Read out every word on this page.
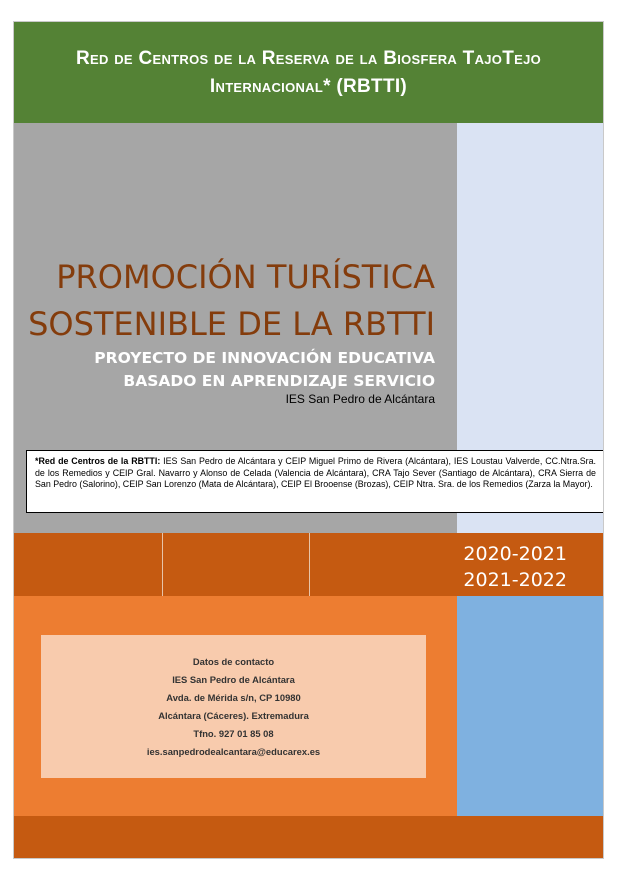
Red de Centros de la Reserva de la Biosfera TajoTejo
Internacional* (RBTTI)
PROMOCIÓN TURÍSTICA
SOSTENIBLE DE LA RBTTI
PROYECTO DE INNOVACIÓN EDUCATIVA
BASADO EN APRENDIZAJE SERVICIO
IES San Pedro de Alcántara
*Red de Centros de la RBTTI: IES San Pedro de Alcántara y CEIP Miguel Primo de Rivera (Alcántara), IES Loustau Valverde, CC.Ntra.Sra. de los Remedios y CEIP Gral. Navarro y Alonso de Celada (Valencia de Alcántara), CRA Tajo Sever (Santiago de Alcántara), CRA Sierra de San Pedro (Salorino), CEIP San Lorenzo (Mata de Alcántara), CEIP El Brooense (Brozas), CEIP Ntra. Sra. de los Remedios (Zarza la Mayor).
2020-2021
2021-2022
Datos de contacto
IES San Pedro de Alcántara
Avda. de Mérida s/n, CP 10980
Alcántara (Cáceres). Extremadura
Tfno. 927 01 85 08
ies.sanpedrodealcantara@educarex.es
